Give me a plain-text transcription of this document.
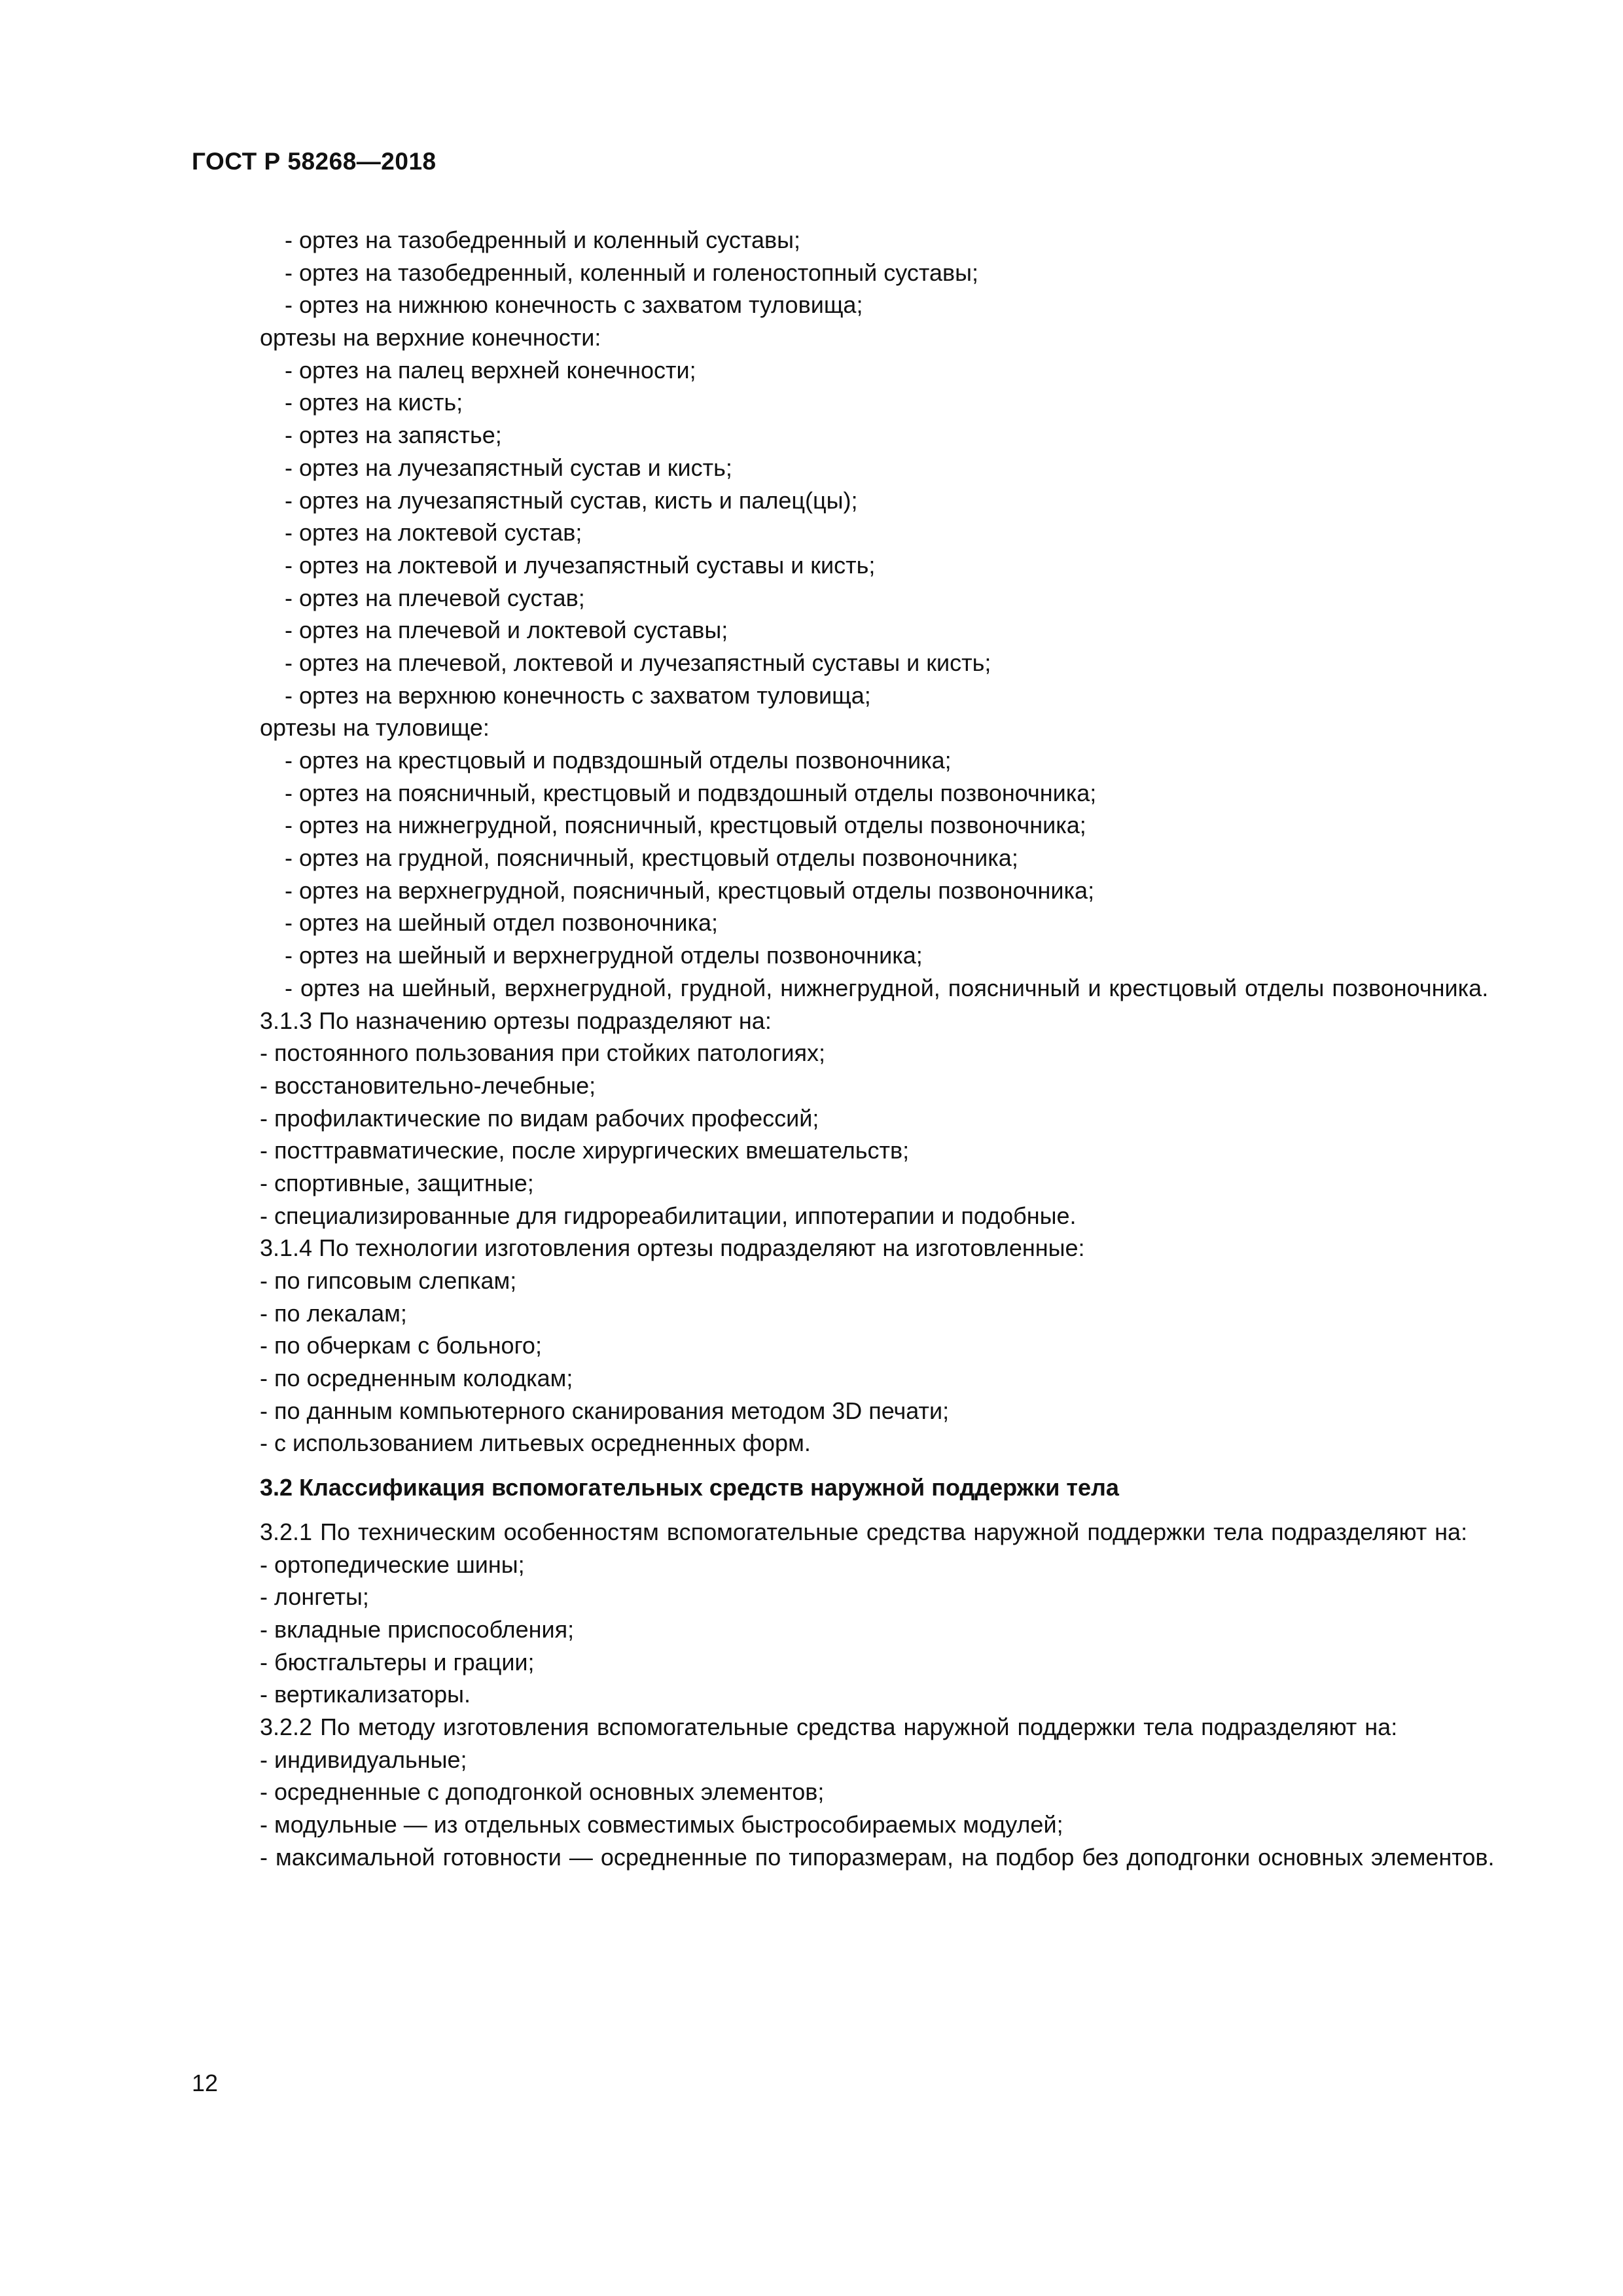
ГОСТ Р 58268—2018
- ортез на тазобедренный и коленный суставы;
- ортез на тазобедренный, коленный и голеностопный суставы;
- ортез на нижнюю конечность с захватом туловища;
ортезы на верхние конечности:
- ортез на палец верхней конечности;
- ортез на кисть;
- ортез на запястье;
- ортез на лучезапястный сустав и кисть;
- ортез на лучезапястный сустав, кисть и палец(цы);
- ортез на локтевой сустав;
- ортез на локтевой и лучезапястный суставы и кисть;
- ортез на плечевой сустав;
- ортез на плечевой и локтевой суставы;
- ортез на плечевой, локтевой и лучезапястный суставы и кисть;
- ортез на верхнюю конечность с захватом туловища;
ортезы на туловище:
- ортез на крестцовый и подвздошный отделы позвоночника;
- ортез на поясничный, крестцовый и подвздошный отделы позвоночника;
- ортез на нижнегрудной, поясничный, крестцовый отделы позвоночника;
- ортез на грудной, поясничный, крестцовый отделы позвоночника;
- ортез на верхнегрудной, поясничный, крестцовый отделы позвоночника;
- ортез на шейный отдел позвоночника;
- ортез на шейный и верхнегрудной отделы позвоночника;
- ортез на шейный, верхнегрудной, грудной, нижнегрудной, поясничный и крестцовый отделы позвоночника.
3.1.3 По назначению ортезы подразделяют на:
- постоянного пользования при стойких патологиях;
- восстановительно-лечебные;
- профилактические по видам рабочих профессий;
- посттравматические, после хирургических вмешательств;
- спортивные, защитные;
- специализированные для гидрореабилитации, иппотерапии и подобные.
3.1.4 По технологии изготовления ортезы подразделяют на изготовленные:
- по гипсовым слепкам;
- по лекалам;
- по обчеркам с больного;
- по осредненным колодкам;
- по данным компьютерного сканирования методом 3D печати;
- с использованием литьевых осредненных форм.
3.2 Классификация вспомогательных средств наружной поддержки тела
3.2.1 По техническим особенностям вспомогательные средства наружной поддержки тела подразделяют на:
- ортопедические шины;
- лонгеты;
- вкладные приспособления;
- бюстгальтеры и грации;
- вертикализаторы.
3.2.2 По методу изготовления вспомогательные средства наружной поддержки тела подразделяют на:
- индивидуальные;
- осредненные с доподгонкой основных элементов;
- модульные — из отдельных совместимых быстрособираемых модулей;
- максимальной готовности — осредненные по типоразмерам, на подбор без доподгонки основных элементов.
12
